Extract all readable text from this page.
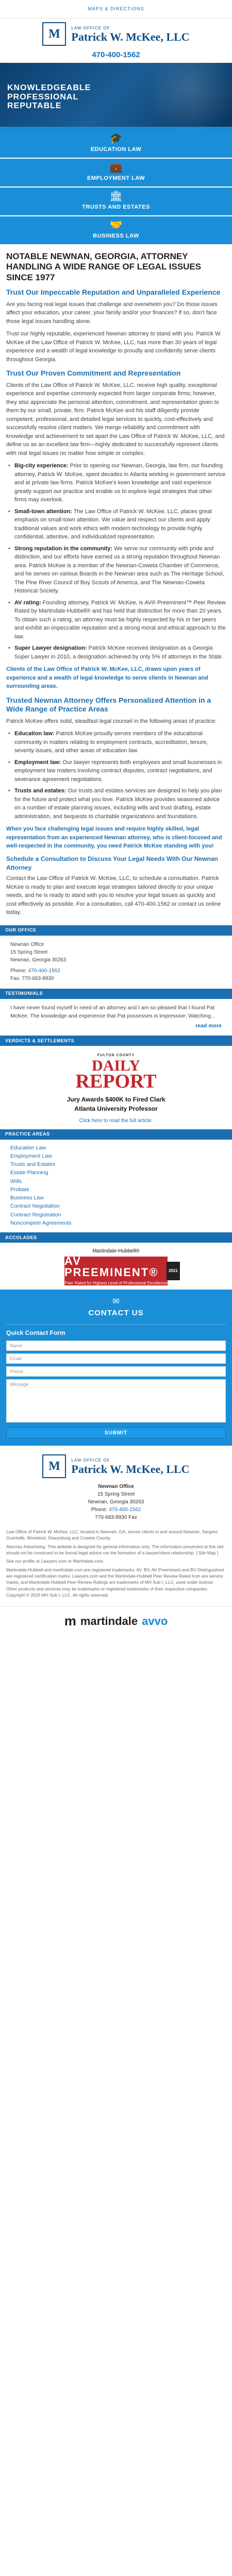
MAPS & DIRECTIONS
M	LAW OFFICE OF
Patrick W. McKee, LLC
470-400-1562
KNOWLEDGEABLE
PROFESSIONAL
REPUTABLE
🎓
EDUCATION LAW
💼
EMPLOYMENT LAW
🏛
TRUSTS AND ESTATES
🤝
BUSINESS LAW
NOTABLE NEWNAN, GEORGIA, ATTORNEY HANDLING A WIDE RANGE OF LEGAL ISSUES SINCE 1977
Trust Our Impeccable Reputation and Unparalleled Experience

Are you facing real legal issues that challenge and overwhelm you? Do those issues affect your education, your career, your family and/or your finances? If so, don't face those legal issues handling alone.

Trust our highly reputable, experienced Newnan attorney to stand with you. Patrick W. McKee of the Law Office of Patrick W. McKee, LLC, has more than 30 years of legal experience and a wealth of legal knowledge to proudly and confidently serve clients throughout Georgia.

Trust Our Proven Commitment and Representation

Clients of the Law Office of Patrick W. McKee, LLC, receive high quality, exceptional experience and expertise commonly expected from larger corporate firms; however, they also appreciate the personal attention, commitment, and representation given to them by our small, private, firm. Patrick McKee and his staff diligently provide competent, professional, and detailed legal services to quickly, cost-effectively and successfully resolve client matters. We merge reliability and commitment with knowledge and achievement to set apart the Law Office of Patrick W. McKee, LLC, and define us as an excellent law firm—highly dedicated to successfully represent clients with real legal issues no matter how simple or complex.

• Big-city experience: Prior to opening our Newnan, Georgia, law firm, our founding attorney, Patrick W. McKee, spent decades in Atlanta working in government service and at private law firms. Patrick McKee's keen knowledge and vast experience greatly support our practice and enable us to explore legal strategies that other firms may overlook.
• Small-town attention: The Law Office of Patrick W. McKee, LLC, places great emphasis on small-town attention. We value and respect our clients and apply traditional values and work ethics with modern technology to provide highly confidential, attentive, and individualized representation.
• Strong reputation in the community: We serve our community with pride and distinction, and our efforts have earned us a strong reputation throughout Newnan area. Patrick McKee is a member of the Newnan-Coweta Chamber of Commerce, and he serves on various Boards in the Newnan area such as The Heritage School, The Pine River Council of Boy Scouts of America, and The Newnan-Coweta Historical Society.
• AV rating: Founding attorney, Patrick W. McKee, is AV® Preeminent™ Peer Review Rated by Martindale-Hubbell® and has held that distinction for more than 20 years. To obtain such a rating, an attorney must be highly respected by his or her peers and exhibit an impeccable reputation and a strong moral and ethical approach to the law.
• Super Lawyer designation: Patrick McKee received designation as a Georgia Super Lawyer in 2010, a designation achieved by only 5% of attorneys in the State.

Clients of the Law Office of Patrick W. McKee, LLC, draws upon years of experience and a wealth of legal knowledge to serve clients in Newnan and surrounding areas.

Trusted Newnan Attorney Offers Personalized Attention in a Wide Range of Practice Areas

Patrick McKee offers solid, steadfast legal counsel in the following areas of practice:

• Education law: Patrick McKee proudly serves members of the educational community in matters relating to employment contracts, accreditation, tenure, severity issues, and other areas of education law.
• Employment law: Our lawyer represents both employees and small businesses in employment law matters involving contract disputes, contract negotiations, and severance agreement negotiations.
• Trusts and estates: Our trusts and estates services are designed to help you plan for the future and protect what you love. Patrick McKee provides seasoned advice on a number of estate planning issues, including wills and trust drafting, estate administration, and bequests to charitable organizations and foundations.

When you face challenging legal issues and require highly skilled, legal representation from an experienced Newnan attorney, who is client-focused and well-respected in the community, you need Patrick McKee standing with you!

Schedule a Consultation to Discuss Your Legal Needs With Our Newnan Attorney

Contact the Law Office of Patrick W. McKee, LLC, to schedule a consultation. Patrick McKee is ready to plan and execute legal strategies tailored directly to your unique needs, and he is ready to stand with you to resolve your legal issues as quickly and cost effectively as possible. For a consultation, call 470-400-1562 or contact us online today.

OUR OFFICE
Newnan Office
15 Spring Street
Newnan, Georgia 30263
Phone: 470-400-1562
Fax: 770-683-8930
TESTIMONIALS

I have never found myself in need of an attorney and I am so pleased that I found Pat McKee. The knowledge and experience that Pat possesses is impressive. Watching...

read more
VERDICTS & SETTLEMENTS
FULTON COUNTY
DAILY
REPORT
Jury Awards $400K to Fired Clark
Atlanta University Professor
Click here to read the full article.
PRACTICE AREAS
Education Law
Employment Law
Trusts and Estates
Estate Planning
Wills
Probate
Business Law
Contract Negotiation
Contract Registration
Noncompete Agreements
ACCOLADES
Martindale-Hubbell®
AV PREEMINENT®
Peer Rated for Highest Level of Professional Excellence
2021
✉
CONTACT US
Quick Contact Form
Name
Email
Phone
Message
SUBMIT
M	LAW OFFICE OF
Patrick W. McKee, LLC
Newnan Office
15 Spring Street
Newnan, Georgia 30263
Phone: 470-400-1562
770-683-8930 Fax

Law Office of Patrick W. McKee, LLC, located in Newnan, GA, serves clients in and around Newnan, Sargent, Grantville, Moreland, Sharpsburg and Coweta County.

Attorney Advertising. This website is designed for general information only. The information presented at this site should not be construed to be formal legal advice nor the formation of a lawyer/client relationship. [ Site Map ]

See our profile at Lawyers.com or Martindale.com.

Martindale-Hubbell and martindale.com are registered trademarks; AV, BV, AV Preeminent and BV Distinguished are registered certification marks; Lawyers.com and the Martindale-Hubbell Peer Review Rated Icon are service marks; and Martindale-Hubbell Peer Review Ratings are trademarks of MH Sub I, LLC, used under license. Other products and services may be trademarks or registered trademarks of their respective companies. Copyright © 2023 MH Sub I, LLC. All rights reserved.

m martindale avvo
